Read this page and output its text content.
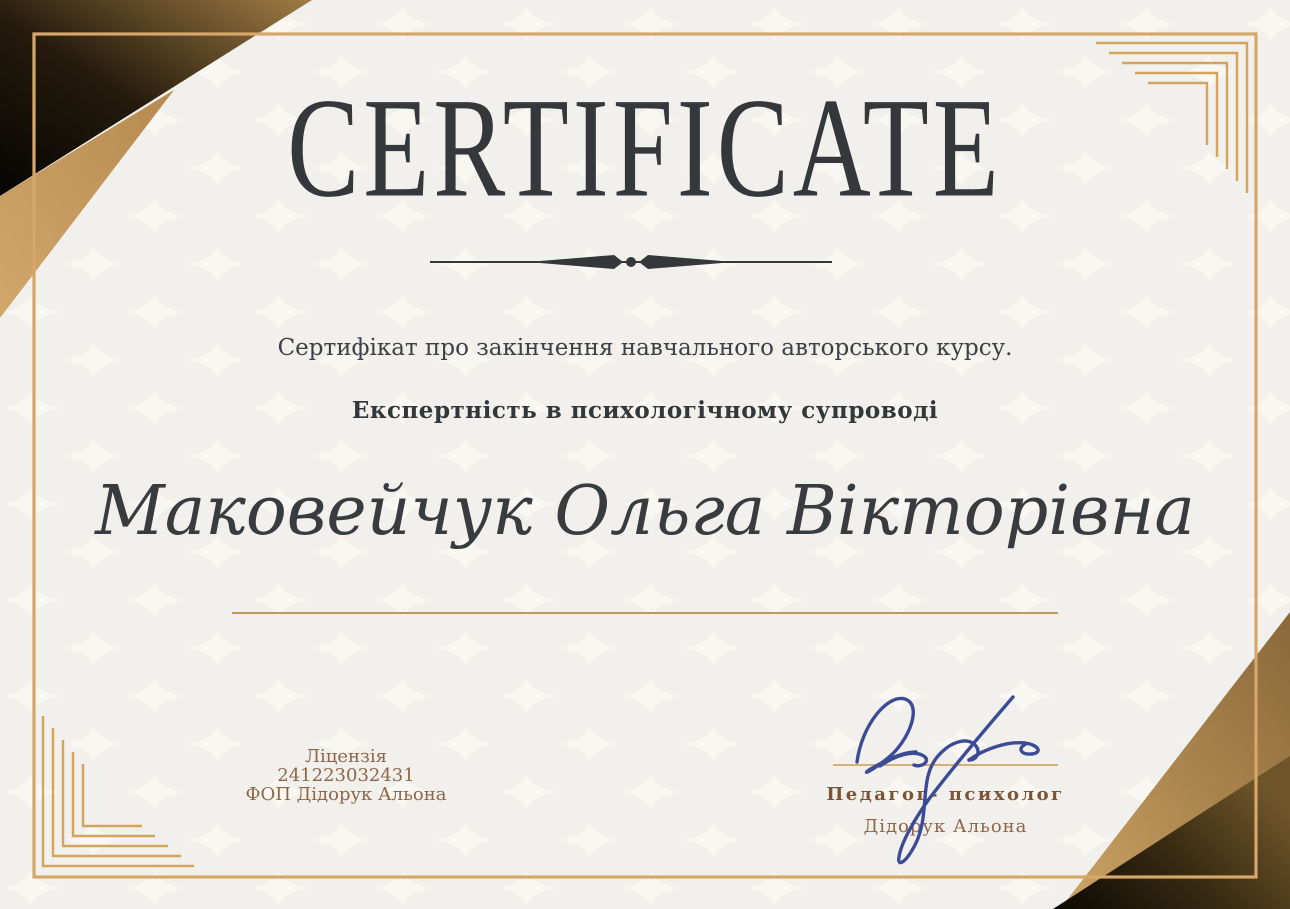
CERTIFICATE
Сертифікат про закінчення навчального авторського курсу.
Експертність в психологічному супроводі
Маковейчук Ольга Вікторівна
Ліцензія
241223032431
ФОП Дідорук Альона	Педагог- психолог
Дідорук Альона
